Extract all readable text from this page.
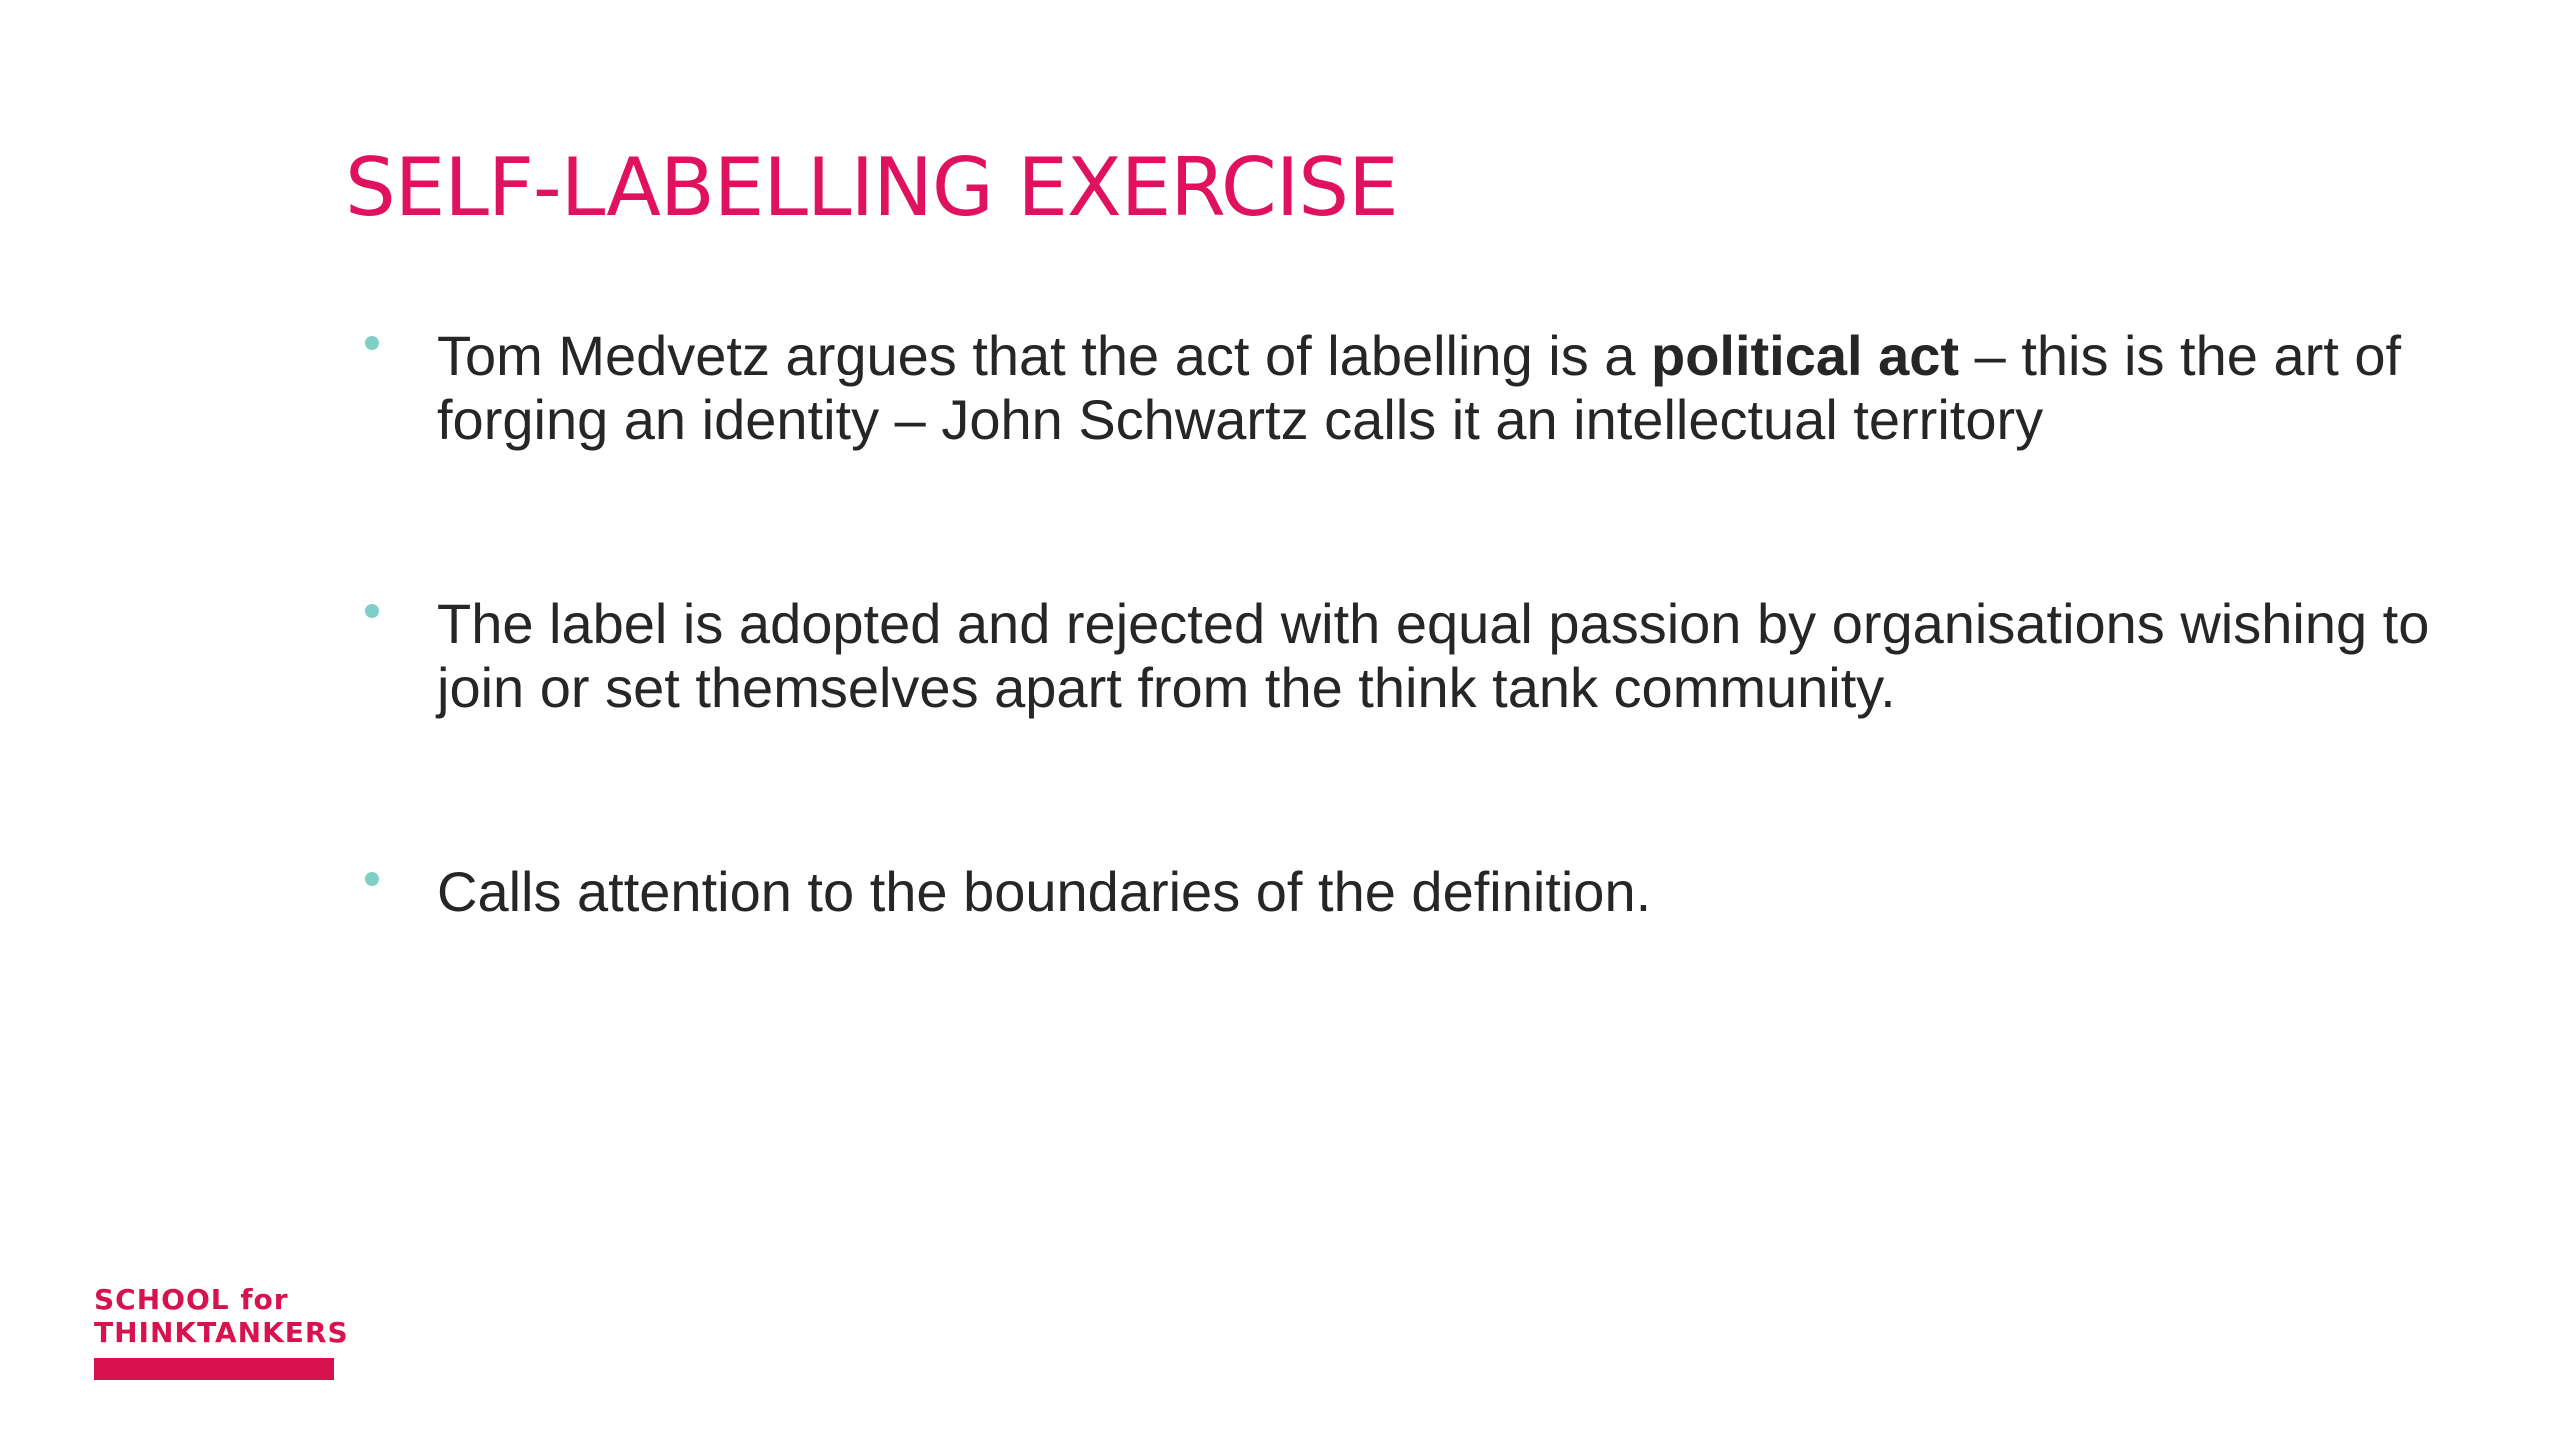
SELF-LABELLING EXERCISE
Tom Medvetz argues that the act of labelling is a political act – this is the art of forging an identity – John Schwartz calls it an intellectual territory
The label is adopted and rejected with equal passion by organisations wishing to join or set themselves apart from the think tank community.
Calls attention to the boundaries of the definition.
SCHOOL for
THINKTANKERS
